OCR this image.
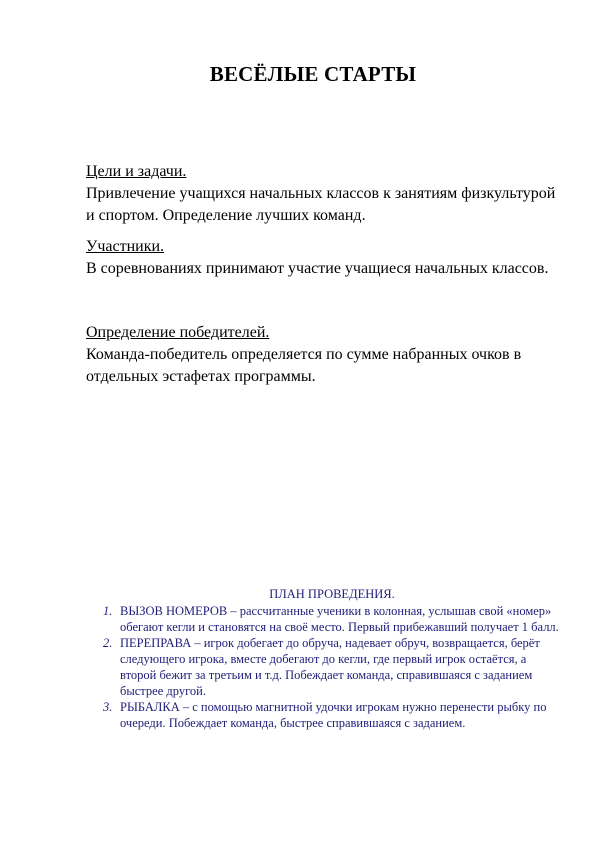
ВЕСЁЛЫЕ СТАРТЫ
Цели и задачи.
Привлечение учащихся начальных классов к занятиям физкультурой и спортом. Определение лучших команд.
Участники.
В соревнованиях принимают участие учащиеся начальных классов.
Определение победителей.
Команда-победитель определяется по сумме набранных очков в отдельных эстафетах программы.
ПЛАН ПРОВЕДЕНИЯ.
1. ВЫЗОВ НОМЕРОВ – рассчитанные ученики в колонная, услышав свой «номер» обегают кегли и становятся на своё место. Первый прибежавший получает 1 балл.
2. ПЕРЕПРАВА – игрок добегает до обруча, надевает обруч, возвращается, берёт следующего игрока, вместе добегают до кегли, где первый игрок остаётся, а второй бежит за третьим и т.д. Побеждает команда, справившаяся с заданием быстрее другой.
3. РЫБАЛКА – с помощью магнитной удочки игрокам нужно перенести рыбку по очереди. Побеждает команда, быстрее справившаяся с заданием.
